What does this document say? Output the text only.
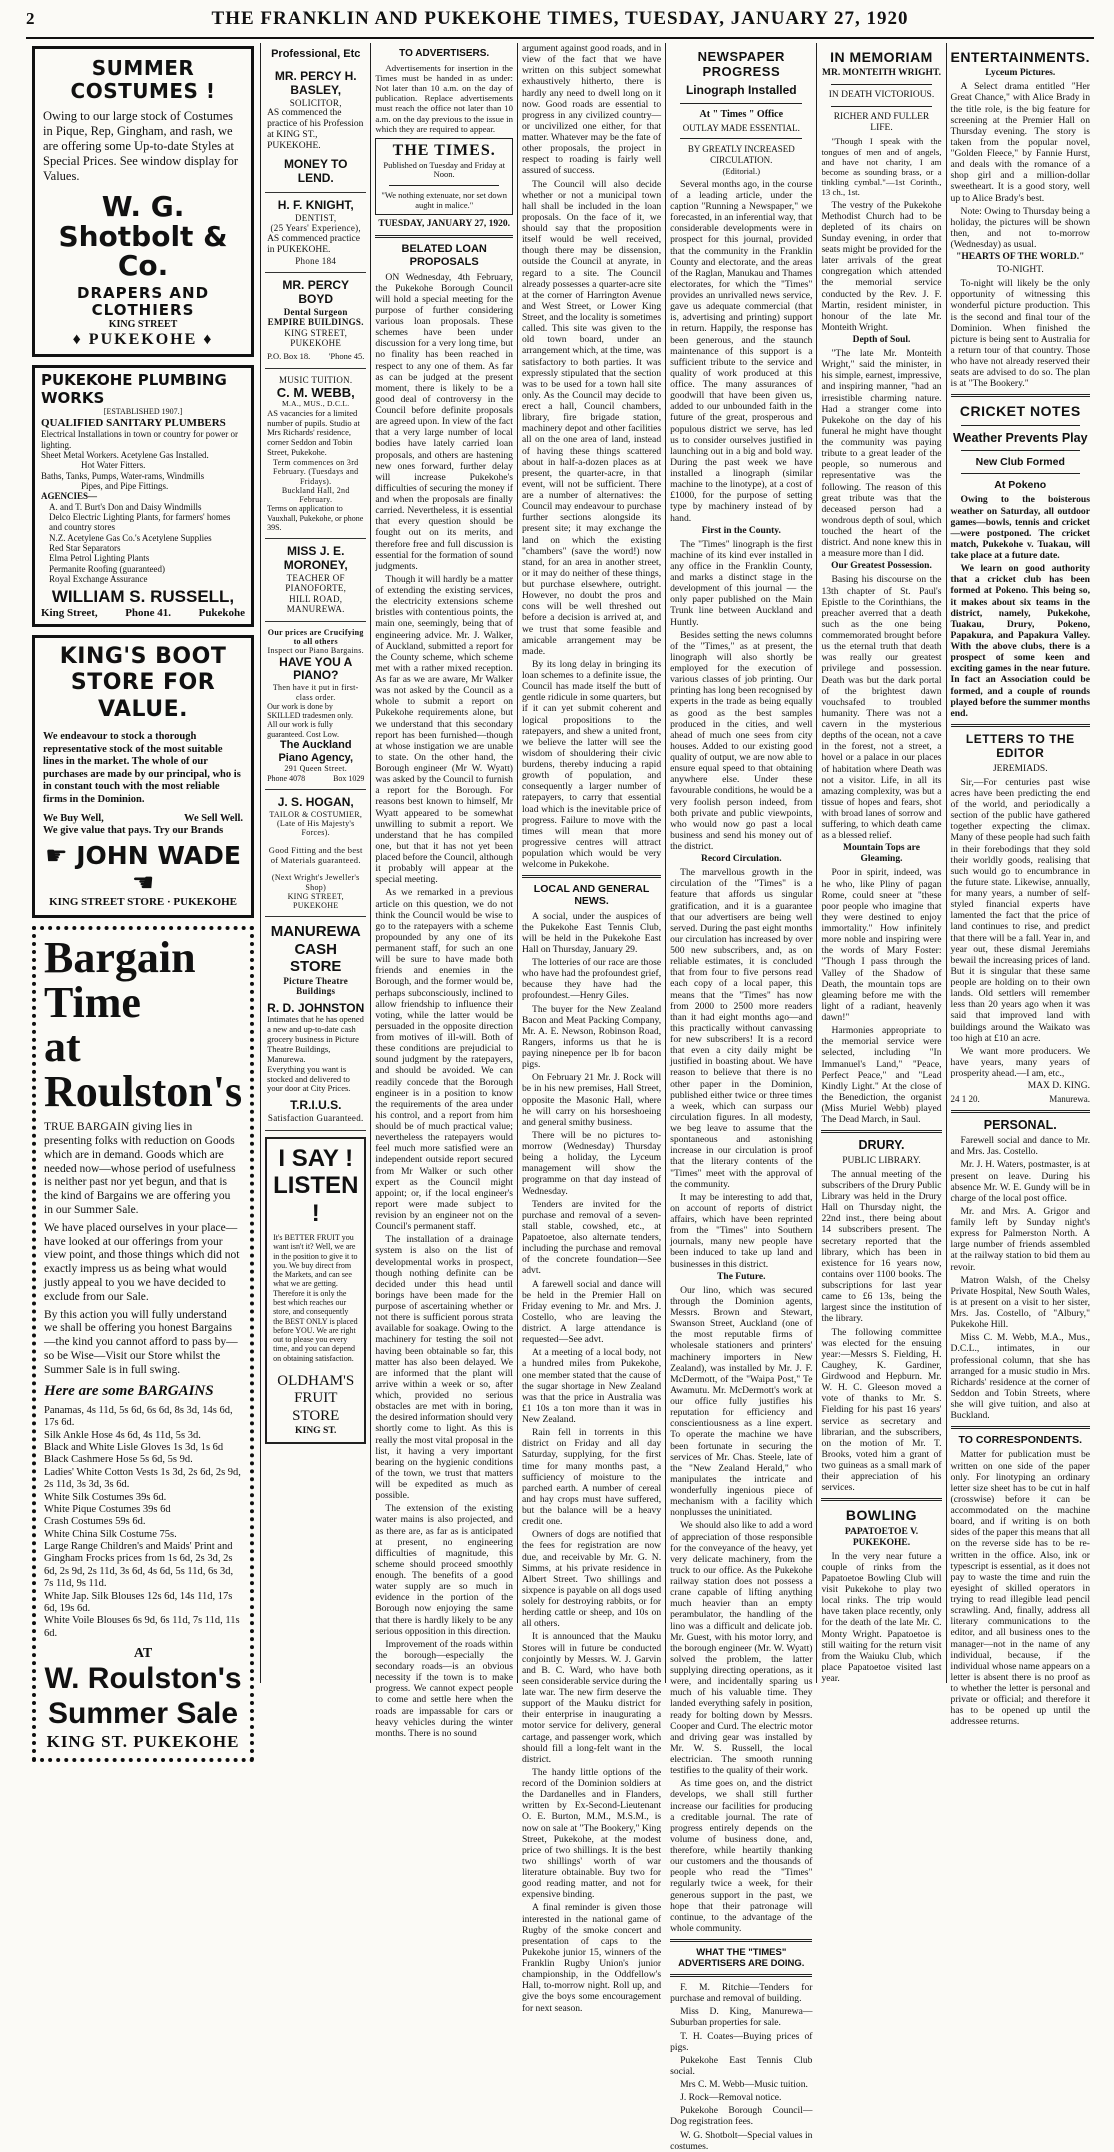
2	THE FRANKLIN AND PUKEKOHE TIMES, TUESDAY, JANUARY 27, 1920
SUMMER COSTUMES !
Owing to our large stock of Costumes in Pique, Rep, Gingham, and rash, we are offering some Up-to-date Styles at Special Prices. See window display for Values.
W. G. Shotbolt & Co.
DRAPERS AND CLOTHIERS
KING STREET
♦ PUKEKOHE ♦
PUKEKOHE PLUMBING WORKS
[ESTABLISHED 1907.]
QUALIFIED SANITARY PLUMBERS
Electrical Installations in town or country for power or lighting.
Sheet Metal Workers. Acetylene Gas Installed.
Hot Water Fitters.
Baths, Tanks, Pumps, Water-rams, Windmills
Pipes, and Pipe Fittings.
AGENCIES—
A. and T. Burt's Don and Daisy Windmills
Delco Electric Lighting Plants, for farmers' homes and country stores
N.Z. Acetylene Gas Co.'s Acetylene Supplies
Red Star Separators
Elma Petrol Lighting Plants
Permanite Roofing (guaranteed)
Royal Exchange Assurance
WILLIAM S. RUSSELL,
King Street,	Phone 41.	Pukekohe
KING'S BOOT STORE FOR VALUE.
We endeavour to stock a thorough representative stock of the most suitable lines in the market. The whole of our purchases are made by our principal, who is in constant touch with the most reliable firms in the Dominion.
We Buy Well,	We Sell Well.
We give value that pays. Try our Brands
☛ JOHN WADE ☚
KING STREET STORE · PUKEKOHE
Bargain Time
at Roulston's
TRUE BARGAIN giving lies in presenting folks with reduction on Goods which are in demand. Goods which are needed now—whose period of usefulness is neither past nor yet begun, and that is the kind of Bargains we are offering you in our Summer Sale.
We have placed ourselves in your place—have looked at our offerings from your view point, and those things which did not exactly impress us as being what would justly appeal to you we have decided to exclude from our Sale.
By this action you will fully understand we shall be offering you honest Bargains—the kind you cannot afford to pass by—so be Wise—Visit our Store whilst the Summer Sale is in full swing.
Here are some BARGAINS

Panamas, 4s 11d, 5s 6d, 6s 6d, 8s 3d, 14s 6d, 17s 6d.

Silk Ankle Hose 4s 6d, 4s 11d, 5s 3d.

Black and White Lisle Gloves 1s 3d, 1s 6d

Black Cashmere Hose 5s 6d, 5s 9d.

Ladies' White Cotton Vests 1s 3d, 2s 6d, 2s 9d, 2s 11d, 3s 3d, 3s 6d.

White Silk Costumes 39s 6d.

White Pique Costumes 39s 6d

Crash Costumes 59s 6d.

White China Silk Costume 75s.

Large Range Children's and Maids' Print and Gingham Frocks prices from 1s 6d, 2s 3d, 2s 6d, 2s 9d, 2s 11d, 3s 6d, 4s 6d, 5s 11d, 6s 3d, 7s 11d, 9s 11d.

White Jap. Silk Blouses 12s 6d, 14s 11d, 17s 6d, 19s 6d.

White Voile Blouses 6s 9d, 6s 11d, 7s 11d, 11s 6d.

AT
W. Roulston's
Summer Sale
KING ST. PUKEKOHE
Professional, Etc
MR. PERCY H. BASLEY,
SOLICITOR,
AS commenced the practice of his Profession at KING ST., PUKEKOHE.
MONEY TO LEND.
H. F. KNIGHT,
DENTIST,
(25 Years' Experience),
AS commenced practice in PUKEKOHE.
Phone 184
MR. PERCY BOYD
Dental Surgeon
EMPIRE BUILDINGS.
KING STREET, PUKEKOHE
P.O. Box 18. 'Phone 45.
MUSIC TUITION.
C. M. WEBB,
M.A., MUS., D.C.L.
AS vacancies for a limited number of pupils. Studio at Mrs Richards' residence, corner Seddon and Tobin Street, Pukekohe.
Term commences on 3rd February. (Tuesdays and Fridays).
Buckland Hall, 2nd February.
Terms on application to Vauxhall, Pukekohe, or phone 39S.
MISS J. E. MORONEY,
TEACHER OF PIANOFORTE,
HILL ROAD, MANUREWA.
Our prices are Crucifying to all others
Inspect our Piano Bargains.
HAVE YOU A PIANO?
Then have it put in first-class order.
Our work is done by SKILLED tradesmen only. All our work is fully guaranteed. Cost Low.
The Auckland Piano Agency,
291 Queen Street.
Phone 4078	Box 1029
J. S. HOGAN,
TAILOR & COSTUMIER,
(Late of His Majesty's Forces).
Good Fitting and the best of Materials guaranteed.
(Next Wright's Jeweller's Shop)
KING STREET, PUKEKOHE
MANUREWA CASH STORE
Picture Theatre Buildings
R. D. JOHNSTON
Intimates that he has opened a new and up-to-date cash grocery business in Picture Theatre Buildings, Manurewa.
Everything you want is stocked and delivered to your door at City Prices.
T.R.I.U.S.
Satisfaction Guaranteed.
I SAY !
LISTEN !
It's BETTER FRUIT you want isn't it? Well, we are in the position to give it to you. We buy direct from the Markets, and can see what we are getting. Therefore it is only the best which reaches our store, and consequently the BEST ONLY is placed before YOU. We are right out to please you every time, and you can depend on obtaining satisfaction.
OLDHAM'S FRUIT STORE
KING ST.
TO ADVERTISERS.

Advertisements for insertion in the Times must be handed in as under: Not later than 10 a.m. on the day of publication. Replace advertisements must reach the office not later than 10 a.m. on the day previous to the issue in which they are required to appear.

THE TIMES.
Published on Tuesday and Friday at Noon.
"We nothing extenuate, nor set down aught in malice."
TUESDAY, JANUARY 27, 1920.
BELATED LOAN PROPOSALS

ON Wednesday, 4th February, the Pukekohe Borough Council will hold a special meeting for the purpose of further considering various loan proposals. These schemes have been under discussion for a very long time, but no finality has been reached in respect to any one of them. As far as can be judged at the present moment, there is likely to be a good deal of controversy in the Council before definite proposals are agreed upon. In view of the fact that a very large number of local bodies have lately carried loan proposals, and others are hastening new ones forward, further delay will increase Pukekohe's difficulties of securing the money if and when the proposals are finally carried. Nevertheless, it is essential that every question should be fought out on its merits, and therefore free and full discussion is essential for the formation of sound judgments.

Though it will hardly be a matter of extending the existing services, the electricity extensions scheme bristles with contentious points, the main one, seemingly, being that of engineering advice. Mr. J. Walker, of Auckland, submitted a report for the County scheme, which scheme met with a rather mixed reception. As far as we are aware, Mr Walker was not asked by the Council as a whole to submit a report on Pukekohe requirements alone, but we understand that this secondary report has been furnished—though at whose instigation we are unable to state. On the other hand, the Borough engineer (Mr W. Wyatt) was asked by the Council to furnish a report for the Borough. For reasons best known to himself, Mr Wyatt appeared to be somewhat unwilling to submit a report. We understand that he has compiled one, but that it has not yet been placed before the Council, although it probably will appear at the special meeting.

As we remarked in a previous article on this question, we do not think the Council would be wise to go to the ratepayers with a scheme propounded by any one of its permanent staff, for such an one will be sure to have made both friends and enemies in the Borough, and the former would be, perhaps subconsciously, inclined to allow friendship to influence their voting, while the latter would be persuaded in the opposite direction from motives of ill-will. Both of these conditions are prejudicial to sound judgment by the ratepayers, and should be avoided. We can readily concede that the Borough engineer is in a position to know the requirements of the area under his control, and a report from him should be of much practical value; nevertheless the ratepayers would feel much more satisfied were an independent outside report secured from Mr Walker or such other expert as the Council might appoint; or, if the local engineer's report were made subject to revision by an engineer not on the Council's permanent staff.

The installation of a drainage system is also on the list of developmental works in prospect, though nothing definite can be decided under this head until borings have been made for the purpose of ascertaining whether or not there is sufficient porous strata available for soakage. Owing to the machinery for testing the soil not having been obtainable so far, this matter has also been delayed. We are informed that the plant will arrive within a week or so, after which, provided no serious obstacles are met with in boring, the desired information should very shortly come to light. As this is really the most vital proposal in the list, it having a very important bearing on the hygienic conditions of the town, we trust that matters will be expedited as much as possible.

The extension of the existing water mains is also projected, and as there are, as far as is anticipated at present, no engineering difficulties of magnitude, this scheme should proceed smoothly enough. The benefits of a good water supply are so much in evidence in the portion of the Borough now enjoying the same that there is hardly likely to be any serious opposition in this direction.

Improvement of the roads within the borough—especially the secondary roads—is an obvious necessity if the town is to make progress. We cannot expect people to come and settle here when the roads are impassable for cars or heavy vehicles during the winter months. There is no sound

argument against good roads, and in view of the fact that we have written on this subject somewhat exhaustively hitherto, there is hardly any need to dwell long on it now. Good roads are essential to progress in any civilized country—or uncivilized one either, for that matter. Whatever may be the fate of other proposals, the project in respect to roading is fairly well assured of success.

The Council will also decide whether or not a municipal town hall shall be included in the loan proposals. On the face of it, we should say that the proposition itself would be well received, though there may be dissension, outside the Council at anyrate, in regard to a site. The Council already possesses a quarter-acre site at the corner of Harrington Avenue and West Street, or Lower King Street, and the locality is sometimes called. This site was given to the old town board, under an arrangement which, at the time, was satisfactory to both parties. It was expressly stipulated that the section was to be used for a town hall site only. As the Council may decide to erect a hall, Council chambers, library, fire brigade station, machinery depot and other facilities all on the one area of land, instead of having these things scattered about in half-a-dozen places as at present, the quarter-acre, in that event, will not be sufficient. There are a number of alternatives: the Council may endeavour to purchase further sections alongside its present site; it may exchange the land on which the existing "chambers" (save the word!) now stand, for an area in another street, or it may do neither of these things, but purchase elsewhere, outright. However, no doubt the pros and cons will be well threshed out before a decision is arrived at, and we trust that some feasible and amicable arrangement may be made.

By its long delay in bringing its loan schemes to a definite issue, the Council has made itself the butt of gentle ridicule in some quarters, but if it can yet submit coherent and logical propositions to the ratepayers, and shew a united front, we believe the latter will see the wisdom of shouldering their civic burdens, thereby inducing a rapid growth of population, and consequently a larger number of ratepayers, to carry that essential load which is the inevitable price of progress. Failure to move with the times will mean that more progressive centres will attract population which would be very welcome in Pukekohe.

LOCAL AND GENERAL NEWS.

A social, under the auspices of the Pukekohe East Tennis Club, will be held in the Pukekohe East Hall on Thursday, January 29.

The lotteries of our race are those who have had the profoundest grief, because they have had the profoundest.—Henry Giles.

The buyer for the New Zealand Bacon and Meat Packing Company, Mr. A. E. Newson, Robinson Road, Rangers, informs us that he is paying ninepence per lb for bacon pigs.

On February 21 Mr. J. Rock will be in his new premises, Hall Street, opposite the Masonic Hall, where he will carry on his horseshoeing and general smithy business.

There will be no pictures to-morrow (Wednesday) Thursday being a holiday, the Lyceum management will show the programme on that day instead of Wednesday.

Tenders are invited for the purchase and removal of a seven-stall stable, cowshed, etc., at Papatoetoe, also alternate tenders, including the purchase and removal of the concrete foundation—See advt.

A farewell social and dance will be held in the Premier Hall on Friday evening to Mr. and Mrs. J. Costello, who are leaving the district. A large attendance is requested—See advt.

At a meeting of a local body, not a hundred miles from Pukekohe, one member stated that the cause of the sugar shortage in New Zealand was that the price in Australia was £1 10s a ton more than it was in New Zealand.

Rain fell in torrents in this district on Friday and all day Saturday, supplying, for the first time for many months past, a sufficiency of moisture to the parched earth. A number of cereal and hay crops must have suffered, but the balance will be a heavy credit one.

Owners of dogs are notified that the fees for registration are now due, and receivable by Mr. G. N. Simms, at his private residence in Albert Street. Two shillings and sixpence is payable on all dogs used solely for destroying rabbits, or for herding cattle or sheep, and 10s on all others.

It is announced that the Mauku Stores will in future be conducted conjointly by Messrs. W. J. Garvin and B. C. Ward, who have both seen considerable service during the late war. The new firm deserve the support of the Mauku district for their enterprise in inaugurating a motor service for delivery, general cartage, and passenger work, which should fill a long-felt want in the district.

The handy little options of the record of the Dominion soldiers at the Dardanelles and in Flanders, written by Ex-Second-Lieutenant O. E. Burton, M.M., M.S.M., is now on sale at "The Bookery," King Street, Pukekohe, at the modest price of two shillings. It is the best two shillings' worth of war literature obtainable. Buy two for good reading matter, and not for expensive binding.

A final reminder is given those interested in the national game of Rugby of the smoke concert and presentation of caps to the Pukekohe junior 15, winners of the Franklin Rugby Union's junior championship, in the Oddfellow's Hall, to-morrow night. Roll up, and give the boys some encouragement for next season.

NEWSPAPER PROGRESS
Linograph Installed
At " Times " Office
OUTLAY MADE ESSENTIAL.
BY GREATLY INCREASED CIRCULATION.
(Editorial.)

Several months ago, in the course of a leading article, under the caption "Running a Newspaper," we forecasted, in an inferential way, that considerable developments were in prospect for this journal, provided that the community in the Franklin County and electorate, and the areas of the Raglan, Manukau and Thames electorates, for which the "Times" provides an unrivalled news service, gave us adequate commercial (that is, advertising and printing) support in return. Happily, the response has been generous, and the staunch maintenance of this support is a sufficient tribute to the service and quality of work produced at this office. The many assurances of goodwill that have been given us, added to our unbounded faith in the future of the great, prosperous and populous district we serve, has led us to consider ourselves justified in launching out in a big and bold way. During the past week we have installed a linograph (similar machine to the linotype), at a cost of £1000, for the purpose of setting type by machinery instead of by hand.

First in the County.

The "Times" linograph is the first machine of its kind ever installed in any office in the Franklin County, and marks a distinct stage in the development of this journal — the only paper published on the Main Trunk line between Auckland and Huntly.

Besides setting the news columns of the "Times," as at present, the linograph will also shortly be employed for the execution of various classes of job printing. Our printing has long been recognised by experts in the trade as being equally as good as the best samples produced in the cities, and well ahead of much one sees from city houses. Added to our existing good quality of output, we are now able to ensure equal speed to that obtaining anywhere else. Under these favourable conditions, he would be a very foolish person indeed, from both private and public viewpoints, who would now go past a local business and send his money out of the district.

Record Circulation.

The marvellous growth in the circulation of the "Times" is a feature that affords us singular gratification, and it is a guarantee that our advertisers are being well served. During the past eight months our circulation has increased by over 500 new subscribers, and, as on reliable estimates, it is concluded that from four to five persons read each copy of a local paper, this means that the "Times" has now from 2000 to 2500 more readers than it had eight months ago—and this practically without canvassing for new subscribers! It is a record that even a city daily might be justified in boasting about. We have reason to believe that there is no other paper in the Dominion, published either twice or three times a week, which can surpass our circulation figures. In all modesty, we beg leave to assume that the spontaneous and astonishing increase in our circulation is proof that the literary contents of the "Times" meet with the approval of the community.

It may be interesting to add that, on account of reports of district affairs, which have been reprinted from the "Times" into Southern journals, many new people have been induced to take up land and businesses in this district.

The Future.

Our lino, which was secured through the Dominion agents, Messrs. Brown and Stewart, Swanson Street, Auckland (one of the most reputable firms of wholesale stationers and printers' machinery importers in New Zealand), was installed by Mr. J. F. McDermott, of the "Waipa Post," Te Awamutu. Mr. McDermott's work at our office fully justifies his reputation for efficiency and conscientiousness as a line expert. To operate the machine we have been fortunate in securing the services of Mr. Chas. Steele, late of the "New Zealand Herald," who manipulates the intricate and wonderfully ingenious piece of mechanism with a facility which nonplusses the uninitiated.

We should also like to add a word of appreciation of those responsible for the conveyance of the heavy, yet very delicate machinery, from the truck to our office. As the Pukekohe railway station does not possess a crane capable of lifting anything much heavier than an empty perambulator, the handling of the lino was a difficult and delicate job. Mr. Guest, with his motor lorry, and the borough engineer (Mr. W. Wyatt) solved the problem, the latter supplying directing operations, as it were, and incidentally sparing us much of his valuable time. They landed everything safely in position, ready for bolting down by Messrs. Cooper and Curd. The electric motor and driving gear was installed by Mr. W. S. Russell, the local electrician. The smooth running testifies to the quality of their work.

As time goes on, and the district develops, we shall still further increase our facilities for producing a creditable journal. The rate of progress entirely depends on the volume of business done, and, therefore, while heartily thanking our customers and the thousands of people who read the "Times" regularly twice a week, for their generous support in the past, we hope that their patronage will continue, to the advantage of the whole community.

WHAT THE "TIMES" ADVERTISERS ARE DOING.

F. M. Ritchie—Tenders for purchase and removal of building.

Miss D. King, Manurewa—Suburban properties for sale.

T. H. Coates—Buying prices of pigs.

Pukekohe East Tennis Club social.

Mrs C. M. Webb—Music tuition.

J. Rock—Removal notice.

Pukekohe Borough Council—Dog registration fees.

W. G. Shotbolt—Special values in costumes.

IN MEMORIAM
MR. MONTEITH WRIGHT.
IN DEATH VICTORIOUS.
RICHER AND FULLER LIFE.

"Though I speak with the tongues of men and of angels, and have not charity, I am become as sounding brass, or a tinkling cymbal."—1st Corinth., 13 ch., 1st.

The vestry of the Pukekohe Methodist Church had to be depleted of its chairs on Sunday evening, in order that seats might be provided for the later arrivals of the great congregation which attended the memorial service conducted by the Rev. J. F. Martin, resident minister, in honour of the late Mr. Monteith Wright.

Depth of Soul.

"The late Mr. Monteith Wright," said the minister, in his simple, earnest, impressive, and inspiring manner, "had an irresistible charming nature. Had a stranger come into Pukekohe on the day of his funeral he might have thought the community was paying tribute to a great leader of the people, so numerous and representative was the following. The reason of this great tribute was that the deceased person had a wondrous depth of soul, which touched the heart of the district. And none knew this in a measure more than I did.

Our Greatest Possession.

Basing his discourse on the 13th chapter of St. Paul's Epistle to the Corinthians, the preacher averred that a death such as the one being commemorated brought before us the eternal truth that death was really our greatest privilege and possession. Death was but the dark portal of the brightest dawn vouchsafed to troubled humanity. There was not a cavern in the mysterious depths of the ocean, not a cave in the forest, not a street, a hovel or a palace in our places of habitation where Death was not a visitor. Life, in all its amazing complexity, was but a tissue of hopes and fears, shot with broad lanes of sorrow and suffering, to which death came as a blessed relief.

Mountain Tops are Gleaming.

Poor in spirit, indeed, was he who, like Pliny of pagan Rome, could sneer at "these poor people who imagine that they were destined to enjoy immortality." How infinitely more noble and inspiring were the words of Mary Foster: "Though I pass through the Valley of the Shadow of Death, the mountain tops are gleaming before me with the light of a radiant, heavenly dawn!"

Harmonies appropriate to the memorial service were selected, including "In Immanuel's Land," "Peace, Perfect Peace," and "Lead Kindly Light." At the close of the Benediction, the organist (Miss Muriel Webb) played The Dead March, in Saul.

DRURY.
PUBLIC LIBRARY.

The annual meeting of the subscribers of the Drury Public Library was held in the Drury Hall on Thursday night, the 22nd inst., there being about 14 subscribers present. The secretary reported that the library, which has been in existence for 16 years now, contains over 1100 books. The subscriptions for last year came to £6 13s, being the largest since the institution of the library.

The following committee was elected for the ensuing year:—Messrs S. Fielding, H. Caughey, K. Gardiner, Girdwood and Hepburn. Mr. W. H. C. Gleeson moved a vote of thanks to Mr. S. Fielding for his past 16 years' service as secretary and librarian, and the subscribers, on the motion of Mr. T. Brooks, voted him a grant of two guineas as a small mark of their appreciation of his services.

BOWLING
PAPATOETOE V. PUKEKOHE.

In the very near future a couple of rinks from the Papatoetoe Bowling Club will visit Pukekohe to play two local rinks. The trip would have taken place recently, only for the death of the late Mr. C. Monty Wright. Papatoetoe is still waiting for the return visit from the Waiuku Club, which place Papatoetoe visited last year.

ENTERTAINMENTS.
Lyceum Pictures.

A Select drama entitled "Her Great Chance," with Alice Brady in the title role, is the big feature for screening at the Premier Hall on Thursday evening. The story is taken from the popular novel, "Golden Fleece," by Fannie Hurst, and deals with the romance of a shop girl and a million-dollar sweetheart. It is a good story, well up to Alice Brady's best.

Note: Owing to Thursday being a holiday, the pictures will be shown then, and not to-morrow (Wednesday) as usual.

"HEARTS OF THE WORLD."
TO-NIGHT.

To-night will likely be the only opportunity of witnessing this wonderful picture production. This is the second and final tour of the Dominion. When finished the picture is being sent to Australia for a return tour of that country. Those who have not already reserved their seats are advised to do so. The plan is at "The Bookery."

CRICKET NOTES
Weather Prevents Play
New Club Formed
At Pokeno

Owing to the boisterous weather on Saturday, all outdoor games—bowls, tennis and cricket—were postponed. The cricket match, Pukekohe v. Tuakau, will take place at a future date.

We learn on good authority that a cricket club has been formed at Pokeno. This being so, it makes about six teams in the district, namely, Pukekohe, Tuakau, Drury, Pokeno, Papakura, and Papakura Valley. With the above clubs, there is a prospect of some keen and exciting games in the near future. In fact an Association could be formed, and a couple of rounds played before the summer months end.

LETTERS TO THE EDITOR
JEREMIADS.

Sir,—For centuries past wise acres have been predicting the end of the world, and periodically a section of the public have gathered together expecting the climax. Many of these people had such faith in their forebodings that they sold their worldly goods, realising that such would go to encumbrance in the future state. Likewise, annually, for many years, a number of self-styled financial experts have lamented the fact that the price of land continues to rise, and predict that there will be a fall. Year in, and year out, these dismal Jeremiahs bewail the increasing prices of land. But it is singular that these same people are holding on to their own lands. Old settlers will remember less than 20 years ago when it was said that improved land with buildings around the Waikato was too high at £10 an acre.

We want more producers. We have years, many years of prosperity ahead.—I am, etc.,

MAX D. KING.
24 1 20.	Manurewa.
PERSONAL.

Farewell social and dance to Mr. and Mrs. Jas. Costello.

Mr. J. H. Waters, postmaster, is at present on leave. During his absence Mr. W. E. Gundy will be in charge of the local post office.

Mr. and Mrs. A. Grigor and family left by Sunday night's express for Palmerston North. A large number of friends assembled at the railway station to bid them au revoir.

Matron Walsh, of the Chelsy Private Hospital, New South Wales, is at present on a visit to her sister, Mrs. Jas. Costello, of "Albury," Pukekohe Hill.

Miss C. M. Webb, M.A., Mus., D.C.L., intimates, in our professional column, that she has arranged for a music studio in Mrs. Richards' residence at the corner of Seddon and Tobin Streets, where she will give tuition, and also at Buckland.

TO CORRESPONDENTS.

Matter for publication must be written on one side of the paper only. For linotyping an ordinary letter size sheet has to be cut in half (crosswise) before it can be accommodated on the machine board, and if writing is on both sides of the paper this means that all on the reverse side has to be re-written in the office. Also, ink or typescript is essential, as it does not pay to waste the time and ruin the eyesight of skilled operators in trying to read illegible lead pencil scrawling. And, finally, address all literary communications to the editor, and all business ones to the manager—not in the name of any individual, because, if the individual whose name appears on a letter is absent there is no proof as to whether the letter is personal and private or official; and therefore it has to be opened up until the addressee returns.
